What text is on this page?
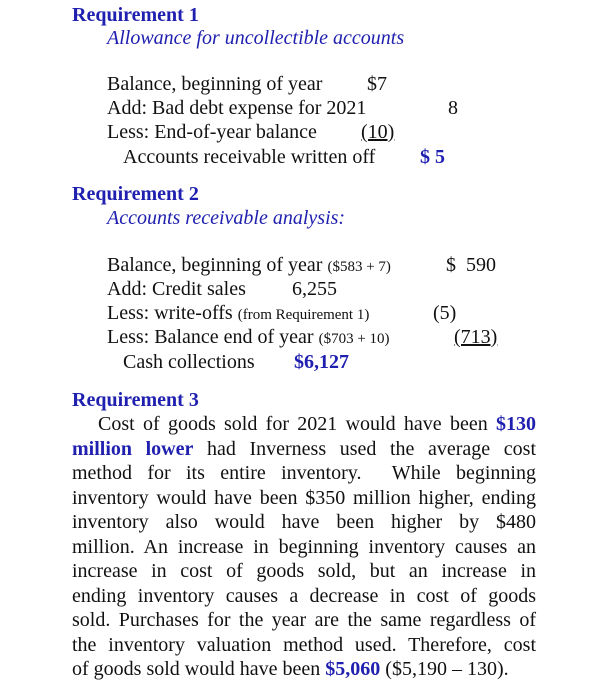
Requirement 1
Allowance for uncollectible accounts
Balance, beginning of year $7
Add: Bad debt expense for 2021	8
Less: End-of-year balance (10)
Accounts receivable written off $ 5
Requirement 2
Accounts receivable analysis:
Balance, beginning of year ($583 + 7)	$  590
Add: Credit sales 6,255
Less: write-offs (from Requirement 1)	(5)
Less: Balance end of year ($703 + 10)	(713)
Cash collections $6,127
Requirement 3
Cost of goods sold for 2021 would have been $130
million lower had Inverness used the average cost
method for its entire inventory.  While beginning
inventory would have been $350 million higher, ending
inventory also would have been higher by $480
million. An increase in beginning inventory causes an
increase in cost of goods sold, but an increase in
ending inventory causes a decrease in cost of goods
sold. Purchases for the year are the same regardless of
the inventory valuation method used. Therefore, cost
of goods sold would have been $5,060 ($5,190 – 130).
